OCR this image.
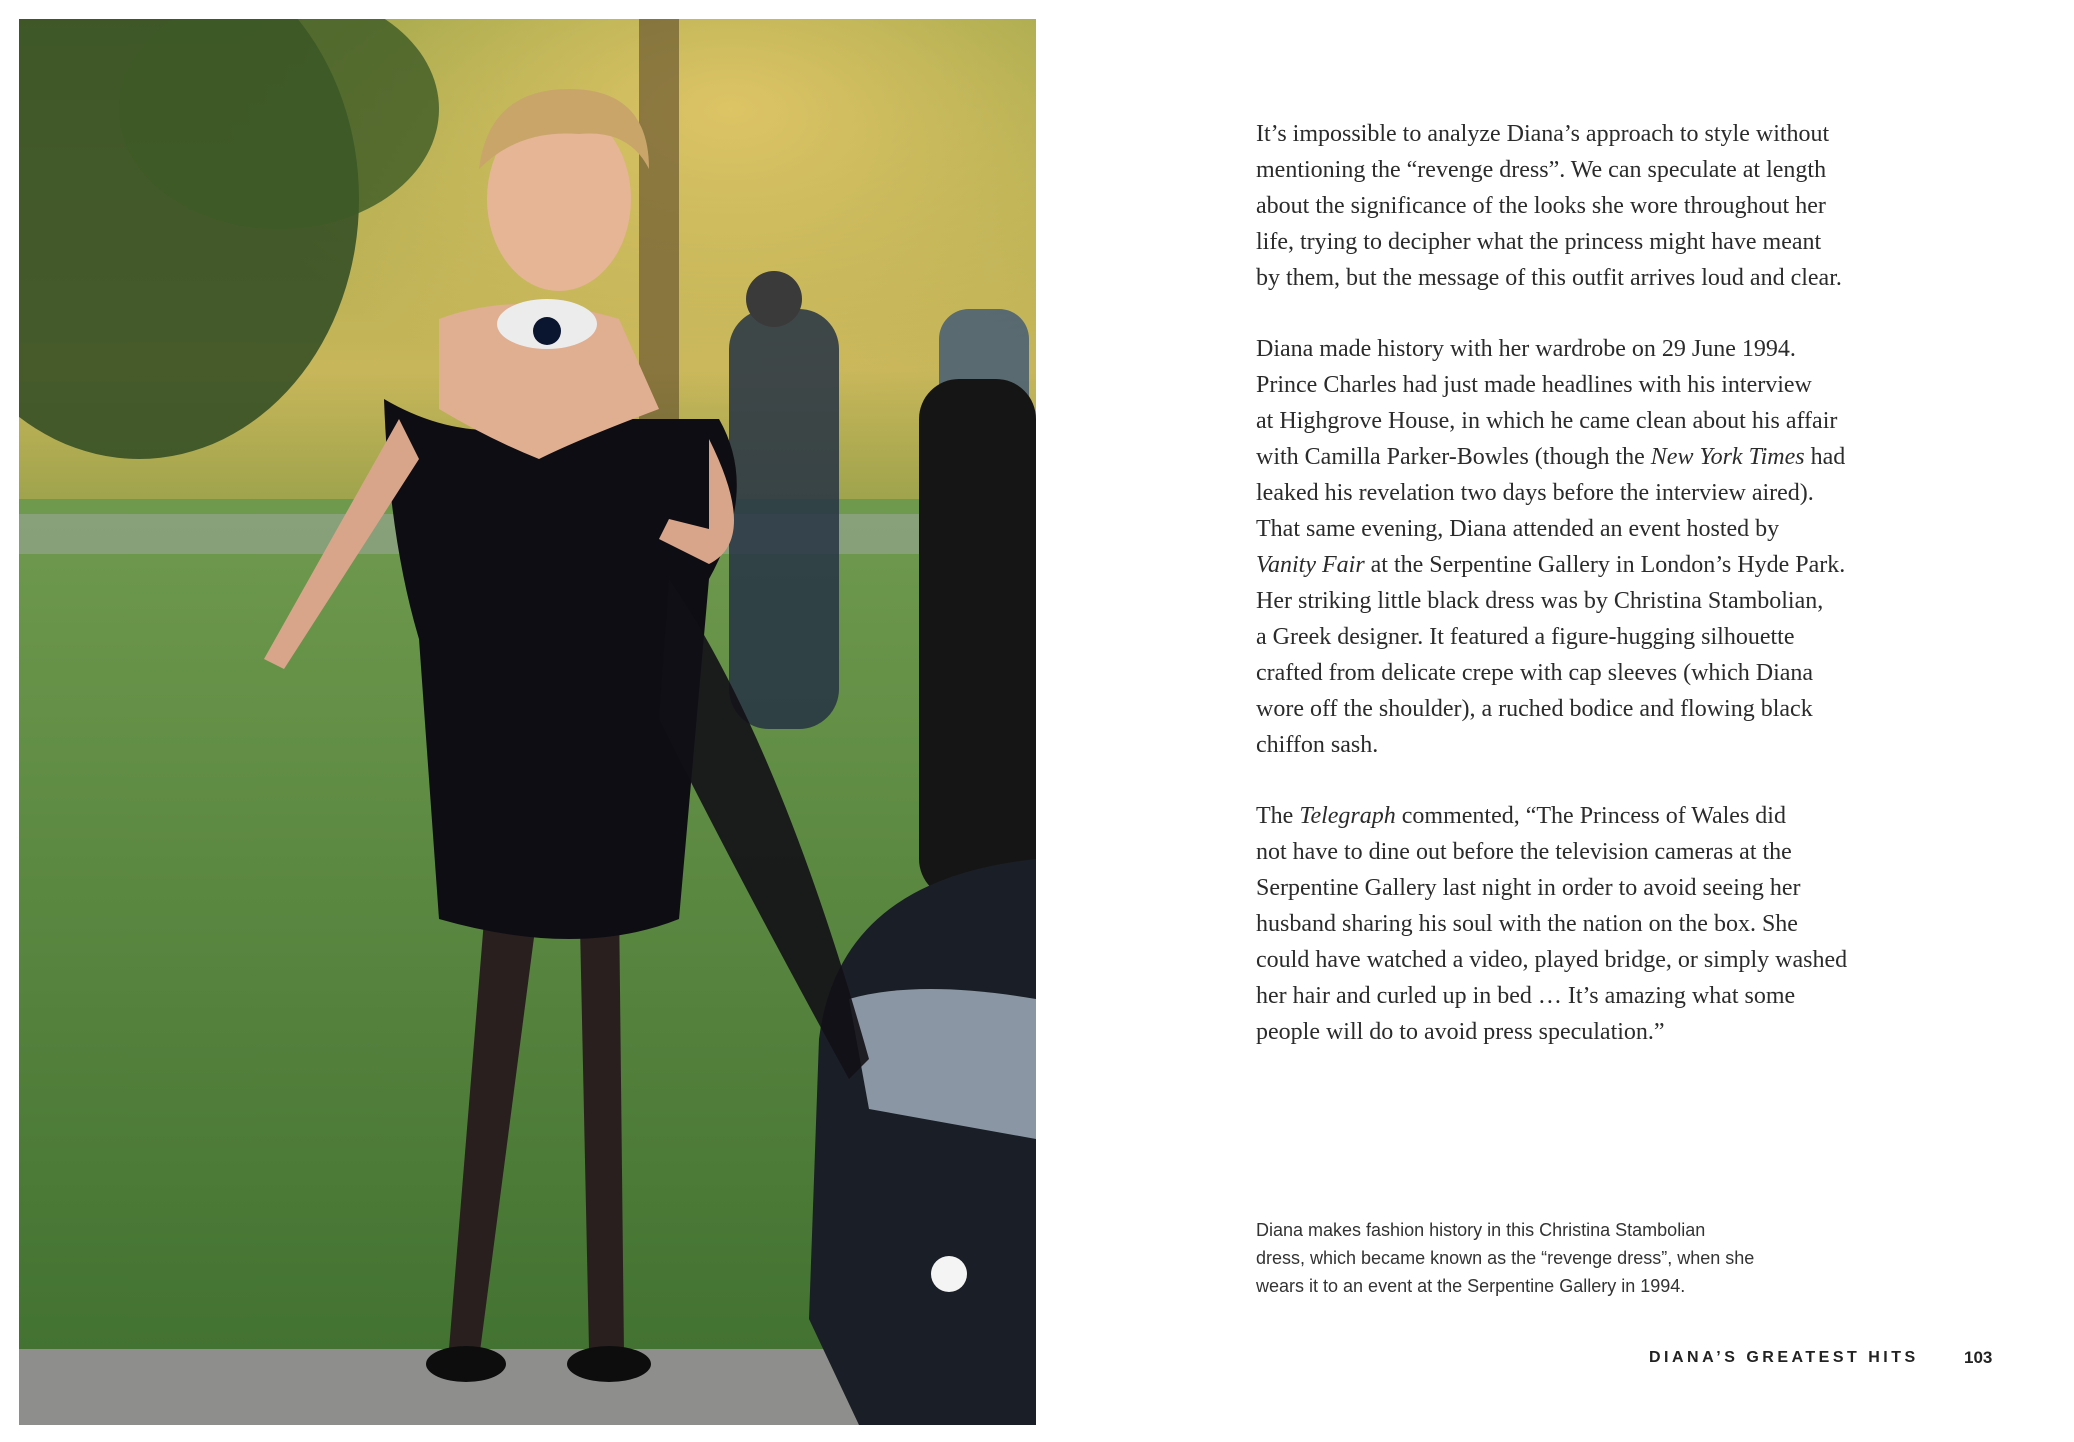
It’s impossible to analyze Diana’s approach to style without
mentioning the “revenge dress”. We can speculate at length
about the significance of the looks she wore throughout her
life, trying to decipher what the princess might have meant
by them, but the message of this outfit arrives loud and clear.

Diana made history with her wardrobe on 29 June 1994.
Prince Charles had just made headlines with his interview
at Highgrove House, in which he came clean about his affair
with Camilla Parker-Bowles (though the New York Times had
leaked his revelation two days before the interview aired).
That same evening, Diana attended an event hosted by
Vanity Fair at the Serpentine Gallery in London’s Hyde Park.
Her striking little black dress was by Christina Stambolian,
a Greek designer. It featured a figure-hugging silhouette
crafted from delicate crepe with cap sleeves (which Diana
wore off the shoulder), a ruched bodice and flowing black
chiffon sash.

The Telegraph commented, “The Princess of Wales did
not have to dine out before the television cameras at the
Serpentine Gallery last night in order to avoid seeing her
husband sharing his soul with the nation on the box. She
could have watched a video, played bridge, or simply washed
her hair and curled up in bed … It’s amazing what some
people will do to avoid press speculation.”

Diana makes fashion history in this Christina Stambolian
dress, which became known as the “revenge dress”, when she
wears it to an event at the Serpentine Gallery in 1994.
DIANA’S GREATEST HITS	103
